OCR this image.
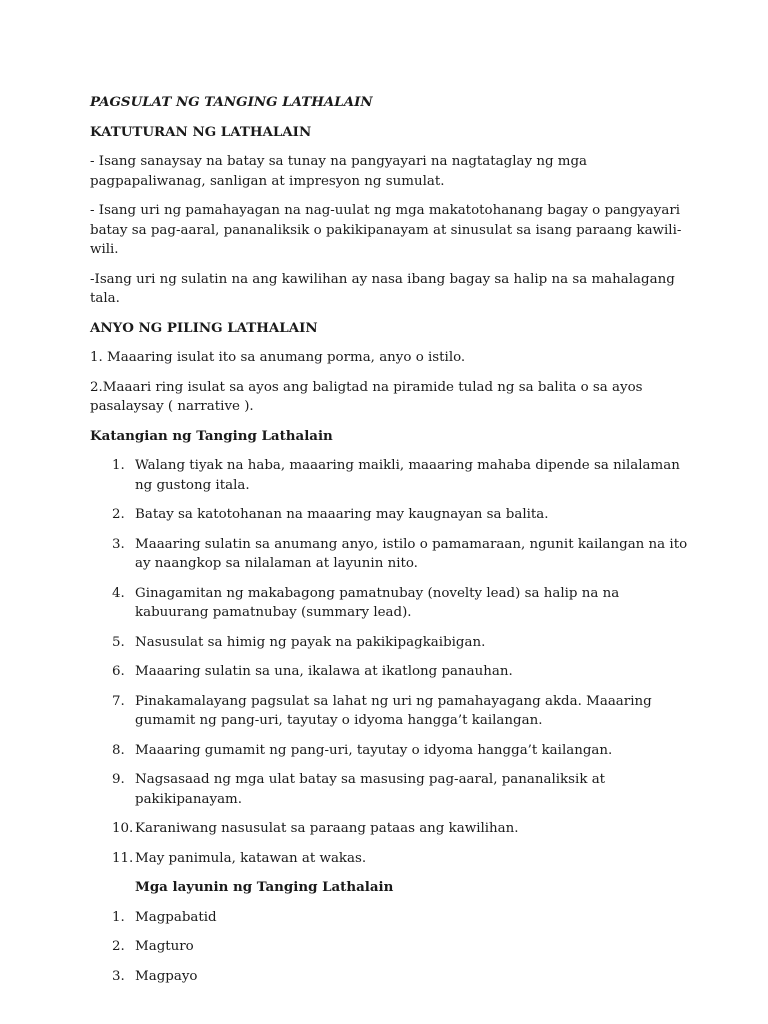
PAGSULAT NG TANGING LATHALAIN

KATUTURAN NG LATHALAIN

- Isang sanaysay na batay sa tunay na pangyayari na nagtataglay ng mga pagpapaliwanag, sanligan at impresyon ng sumulat.

- Isang uri ng pamahayagan na nag-uulat ng mga makatotohanang bagay o pangyayari batay sa pag-aaral, pananaliksik o pakikipanayam at sinusulat sa isang paraang kawili-wili.

-Isang uri ng sulatin na ang kawilihan ay nasa ibang bagay sa halip na sa mahalagang tala.

ANYO NG PILING LATHALAIN

1. Maaaring isulat ito sa anumang porma, anyo o istilo.

2.Maaari ring isulat sa ayos ang baligtad na piramide tulad ng sa balita o sa ayos pasalaysay ( narrative ).

Katangian ng Tanging Lathalain

1. Walang tiyak na haba, maaaring maikli, maaaring mahaba dipende sa nilalaman ng gustong itala.
2. Batay sa katotohanan na maaaring may kaugnayan sa balita.
3. Maaaring sulatin sa anumang anyo, istilo o pamamaraan, ngunit kailangan na ito ay naangkop sa nilalaman at layunin nito.
4. Ginagamitan ng makabagong pamatnubay (novelty lead) sa halip na na kabuurang pamatnubay (summary lead).
5. Nasusulat sa himig ng payak na pakikipagkaibigan.
6. Maaaring sulatin sa una, ikalawa at ikatlong panauhan.
7. Pinakamalayang pagsulat sa lahat ng uri ng pamahayagang akda. Maaaring gumamit ng pang-uri, tayutay o idyoma hangga’t kailangan.
8. Maaaring gumamit ng pang-uri, tayutay o idyoma hangga’t kailangan.
9. Nagsasaad ng mga ulat batay sa masusing pag-aaral, pananaliksik at pakikipanayam.
10. Karaniwang nasusulat sa paraang pataas ang kawilihan.
11. May panimula, katawan at wakas.

Mga layunin ng Tanging Lathalain

1. Magpabatid
2. Magturo
3. Magpayo
